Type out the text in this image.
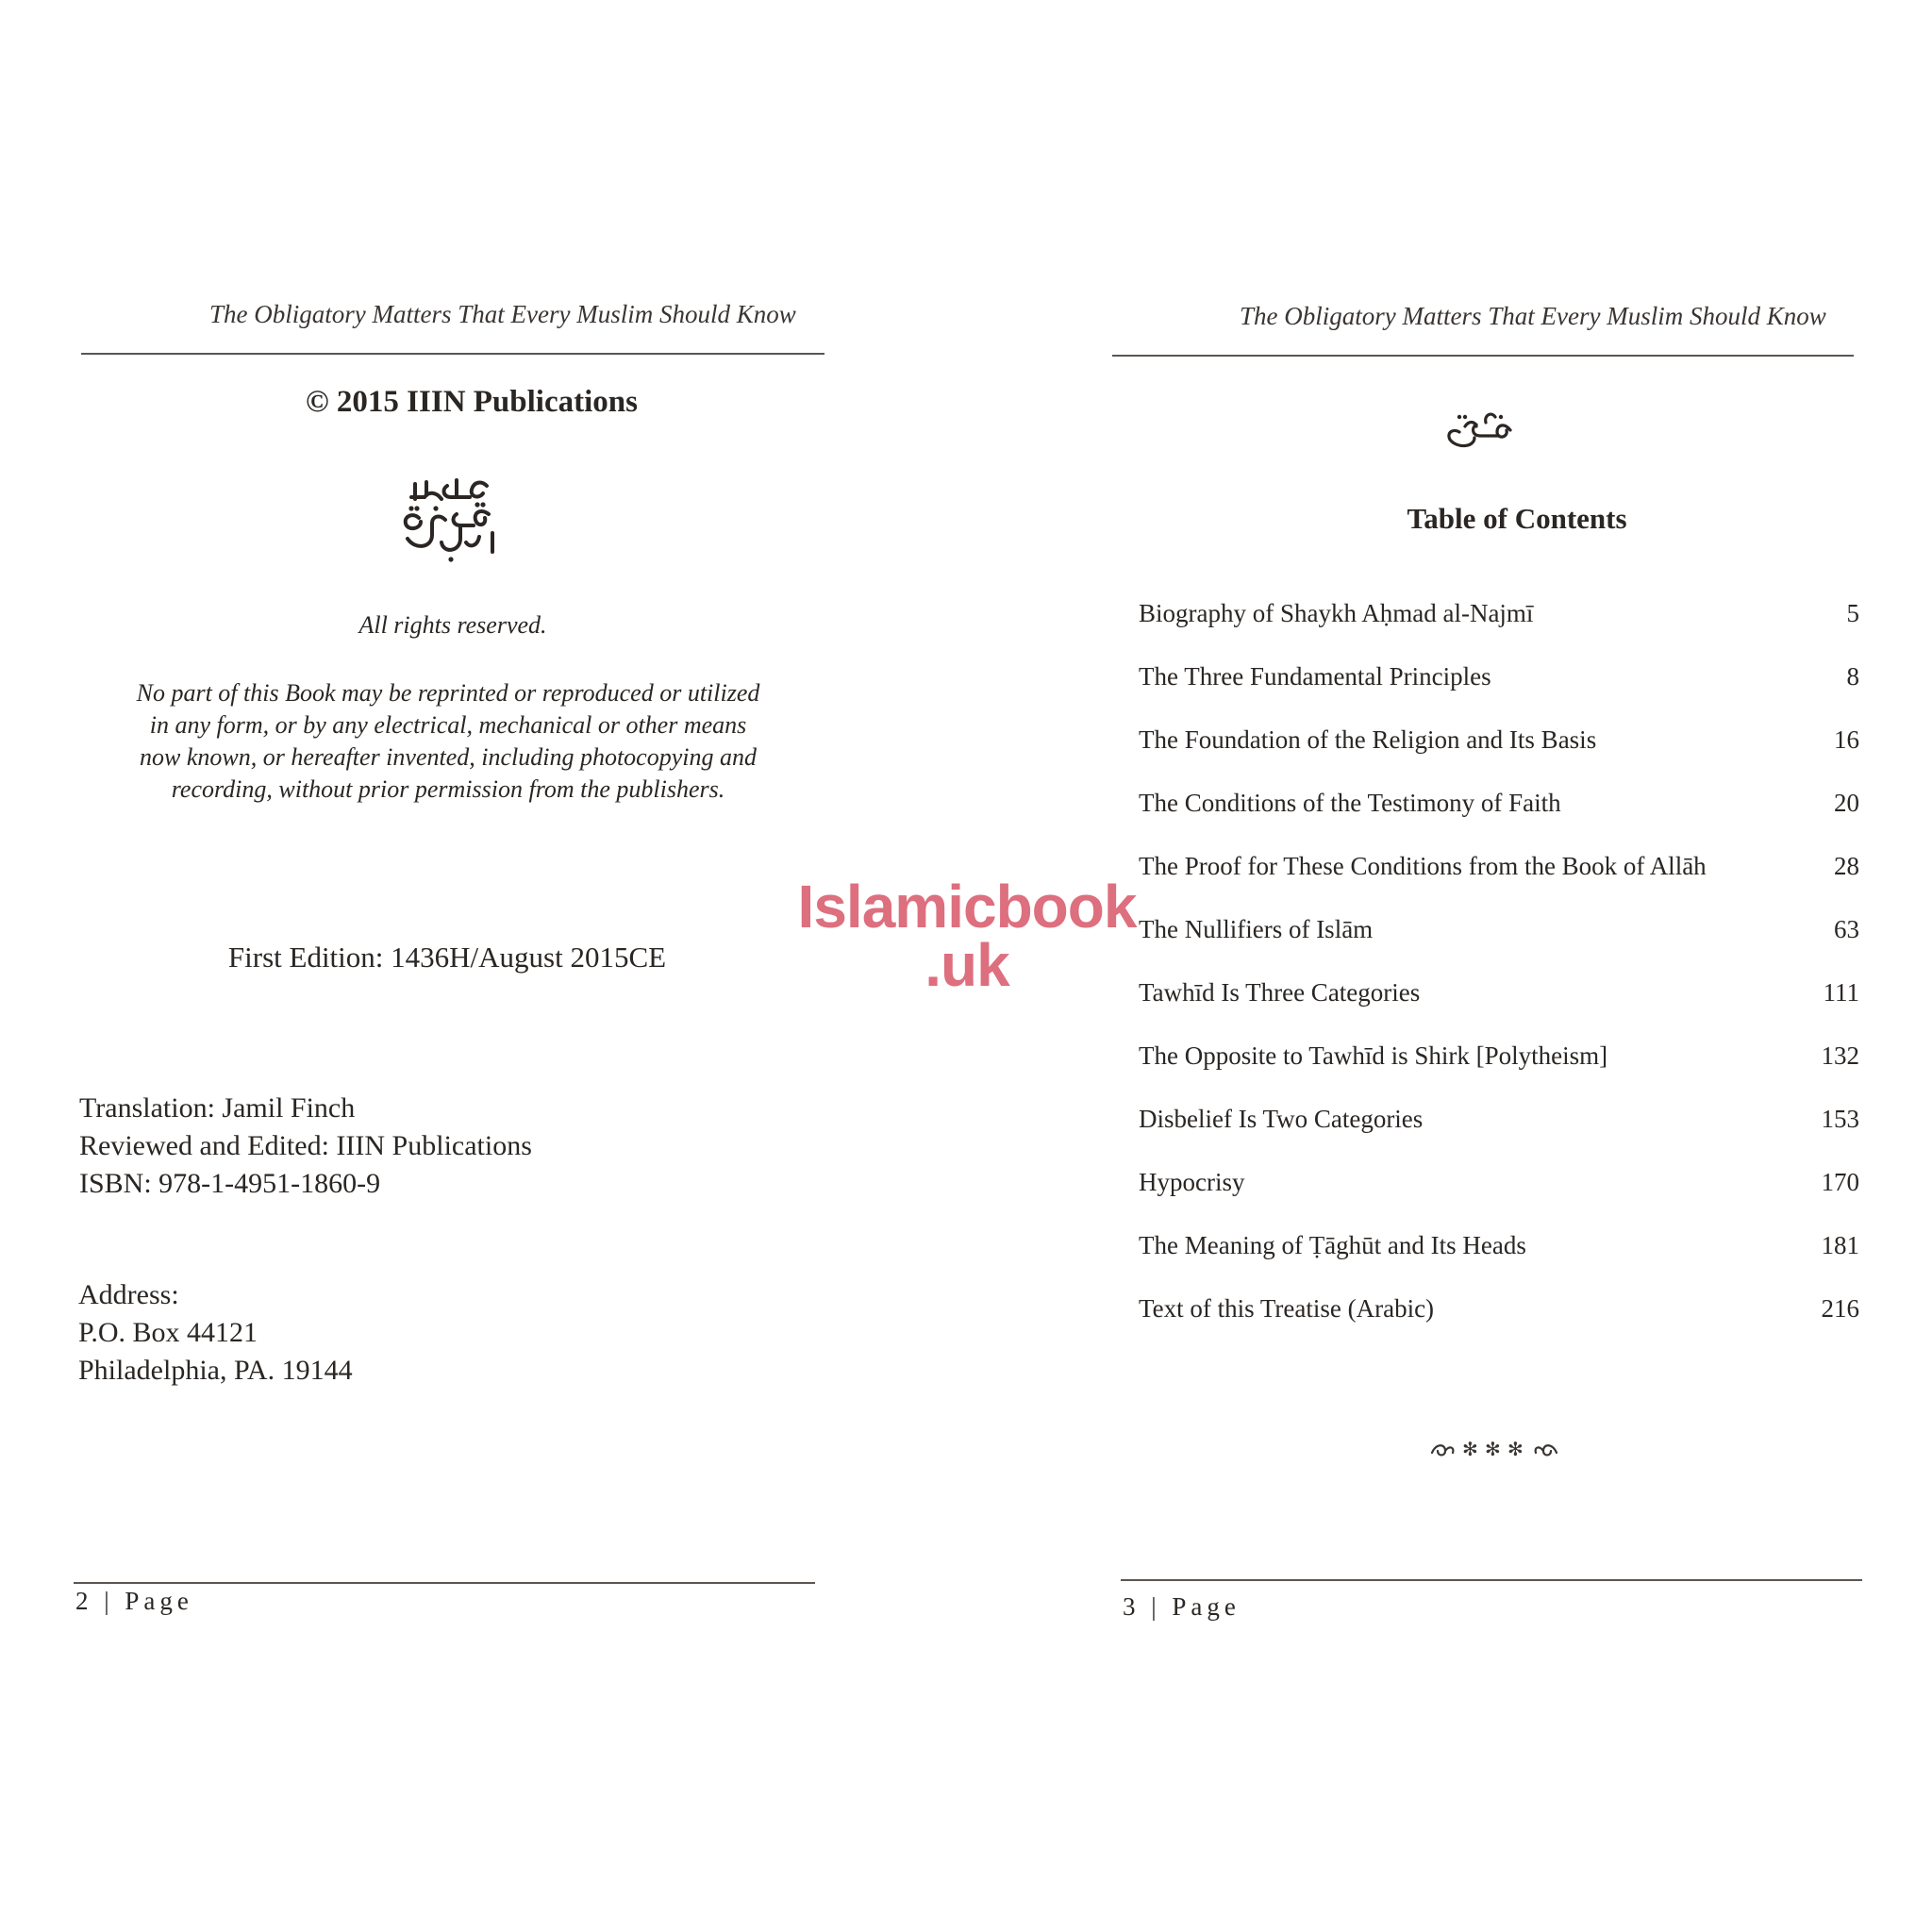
The Obligatory Matters That Every Muslim Should Know
© 2015 IIIN Publications
All rights reserved.
No part of this Book may be reprinted or reproduced or utilized in any form, or by any electrical, mechanical or other means now known, or hereafter invented, including photocopying and recording, without prior permission from the publishers.
First Edition: 1436H/August 2015CE
Translation: Jamil Finch
Reviewed and Edited: IIIN Publications
ISBN: 978-1-4951-1860-9
Address:
P.O. Box 44121
Philadelphia, PA. 19144
2 | Page
The Obligatory Matters That Every Muslim Should Know
Table of Contents
Biography of Shaykh Aḥmad al-Najmī	5
The Three Fundamental Principles	8
The Foundation of the Religion and Its Basis	16
The Conditions of the Testimony of Faith	20
The Proof for These Conditions from the Book of Allāh	28
The Nullifiers of Islām	63
Tawhīd Is Three Categories	111
The Opposite to Tawhīd is Shirk [Polytheism]	132
Disbelief Is Two Categories	153
Hypocrisy	170
The Meaning of Ṭāghūt and Its Heads	181
Text of this Treatise (Arabic)	216
✻ ✻ ✻
3 | Page
Islamicbook
.uk
